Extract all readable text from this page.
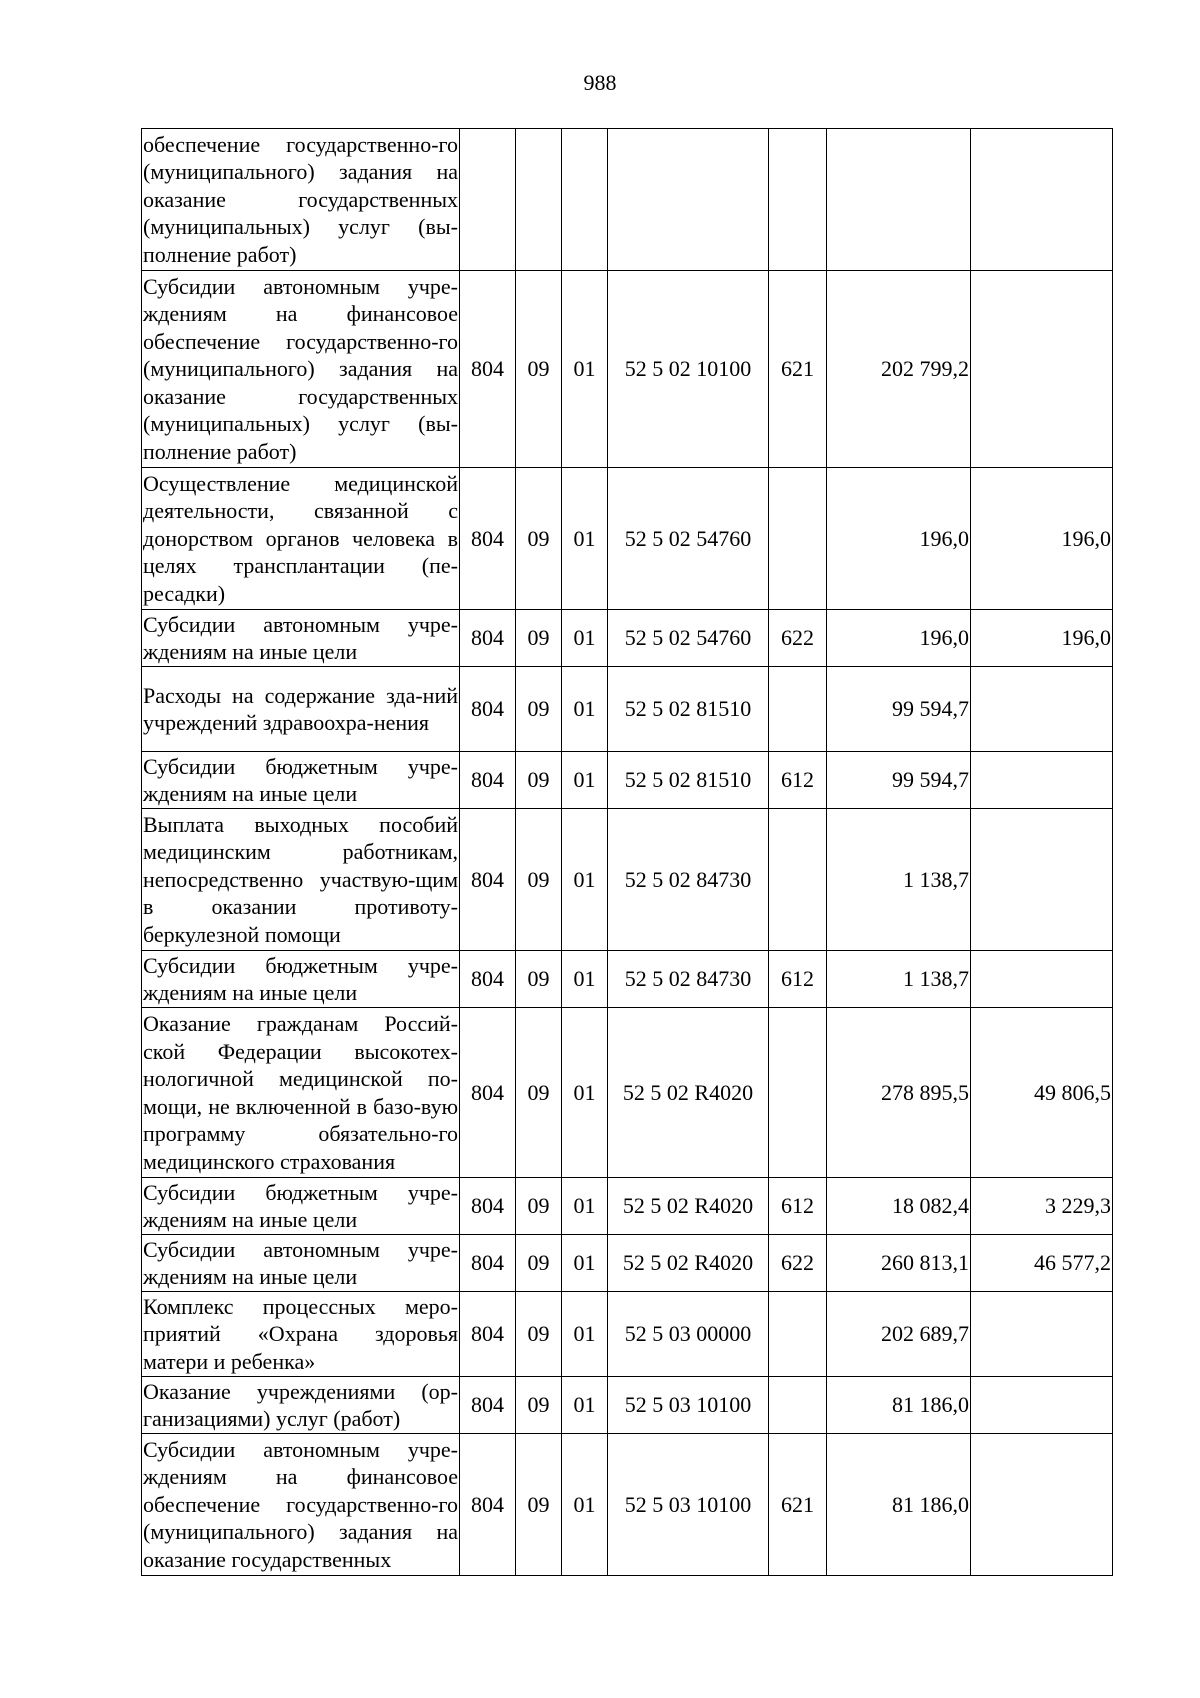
988
обеспечение государственно-го (муниципального) задания на оказание государственных (муниципальных) услуг (вы-полнение работ)							
Субсидии автономным учре-ждениям на финансовое обеспечение государственно-го (муниципального) задания на оказание государственных (муниципальных) услуг (вы-полнение работ)	804	09	01	52 5 02 10100	621	202 799,2	
Осуществление медицинской деятельности, связанной с донорством органов человека в целях трансплантации (пе-ресадки)	804	09	01	52 5 02 54760		196,0	196,0
Субсидии автономным учре-ждениям на иные цели	804	09	01	52 5 02 54760	622	196,0	196,0
Расходы на содержание зда-ний учреждений здравоохра-нения	804	09	01	52 5 02 81510		99 594,7	
Субсидии бюджетным учре-ждениям на иные цели	804	09	01	52 5 02 81510	612	99 594,7	
Выплата выходных пособий медицинским работникам, непосредственно участвую-щим в оказании противоту-беркулезной помощи	804	09	01	52 5 02 84730		1 138,7	
Субсидии бюджетным учре-ждениям на иные цели	804	09	01	52 5 02 84730	612	1 138,7	
Оказание гражданам Россий-ской Федерации высокотех-нологичной медицинской по-мощи, не включенной в базо-вую программу обязательно-го медицинского страхования	804	09	01	52 5 02 R4020		278 895,5	49 806,5
Субсидии бюджетным учре-ждениям на иные цели	804	09	01	52 5 02 R4020	612	18 082,4	3 229,3
Субсидии автономным учре-ждениям на иные цели	804	09	01	52 5 02 R4020	622	260 813,1	46 577,2
Комплекс процессных меро-приятий «Охрана здоровья матери и ребенка»	804	09	01	52 5 03 00000		202 689,7	
Оказание учреждениями (ор-ганизациями) услуг (работ)	804	09	01	52 5 03 10100		81 186,0	
Субсидии автономным учре-ждениям на финансовое обеспечение государственно-го (муниципального) задания на оказание государственных	804	09	01	52 5 03 10100	621	81 186,0	
